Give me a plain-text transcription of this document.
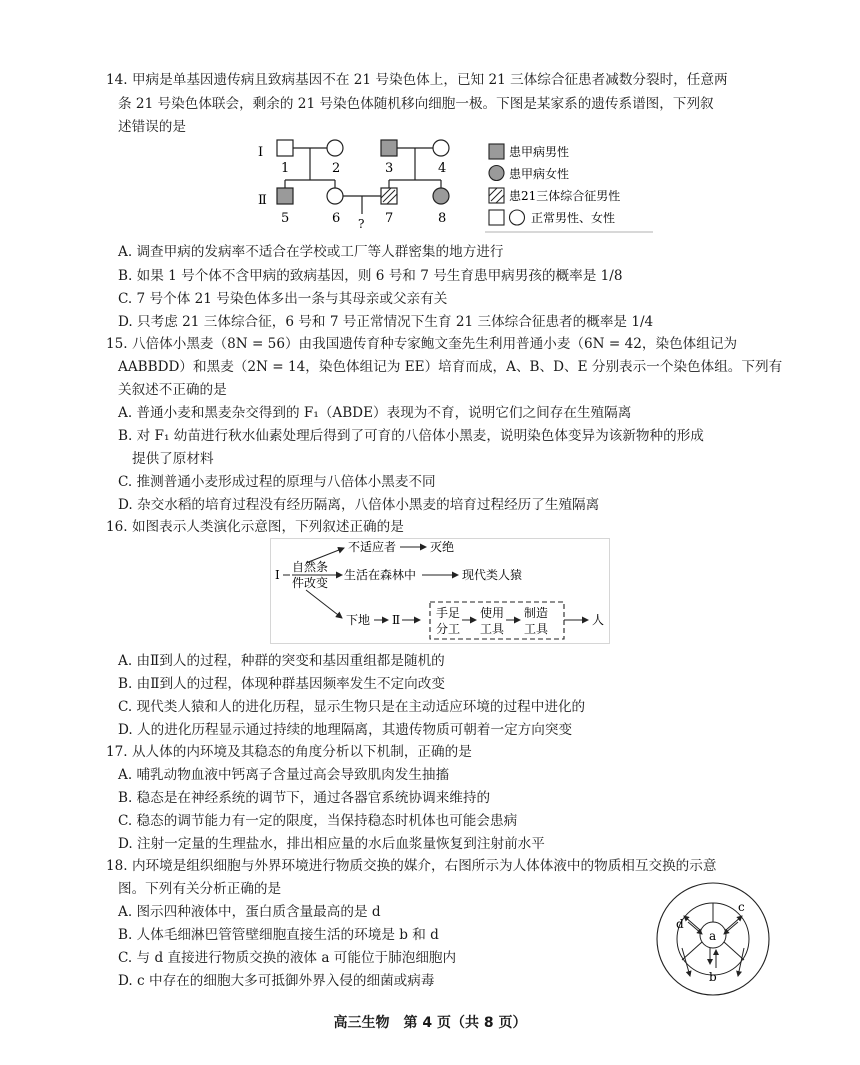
14. 甲病是单基因遗传病且致病基因不在 21 号染色体上，已知 21 三体综合征患者减数分裂时，任意两
条 21 号染色体联会，剩余的 21 号染色体随机移向细胞一极。下图是某家系的遗传系谱图，下列叙
述错误的是
Ⅰ
Ⅱ
1	2	3	4
?
5	6	7	8
患甲病男性
患甲病女性
患21三体综合征男性
正常男性、女性
A. 调查甲病的发病率不适合在学校或工厂等人群密集的地方进行
B. 如果 1 号个体不含甲病的致病基因，则 6 号和 7 号生育患甲病男孩的概率是 1/8
C. 7 号个体 21 号染色体多出一条与其母亲或父亲有关
D. 只考虑 21 三体综合征，6 号和 7 号正常情况下生育 21 三体综合征患者的概率是 1/4
15. 八倍体小黑麦（8N = 56）由我国遗传育种专家鲍文奎先生利用普通小麦（6N = 42，染色体组记为
AABBDD）和黑麦（2N = 14，染色体组记为 EE）培育而成，A、B、D、E 分别表示一个染色体组。下列有
关叙述不正确的是
A. 普通小麦和黑麦杂交得到的 F₁（ABDE）表现为不育，说明它们之间存在生殖隔离
B. 对 F₁ 幼苗进行秋水仙素处理后得到了可育的八倍体小黑麦，说明染色体变异为该新物种的形成
提供了原材料
C. 推测普通小麦形成过程的原理与八倍体小黑麦不同
D. 杂交水稻的培育过程没有经历隔离，八倍体小黑麦的培育过程经历了生殖隔离
16. 如图表示人类演化示意图，下列叙述正确的是
Ⅰ
自然条
件改变
不适应者	灭绝
生活在森林中	现代类人猿
下地 Ⅱ	手足
分工
使用
工具
制造
工具
人
A. 由Ⅱ到人的过程，种群的突变和基因重组都是随机的
B. 由Ⅱ到人的过程，体现种群基因频率发生不定向改变
C. 现代类人猿和人的进化历程，显示生物只是在主动适应环境的过程中进化的
D. 人的进化历程显示通过持续的地理隔离，其遗传物质可朝着一定方向突变
17. 从人体的内环境及其稳态的角度分析以下机制，正确的是
A. 哺乳动物血液中钙离子含量过高会导致肌肉发生抽搐
B. 稳态是在神经系统的调节下，通过各器官系统协调来维持的
C. 稳态的调节能力有一定的限度，当保持稳态时机体也可能会患病
D. 注射一定量的生理盐水，排出相应量的水后血浆量恢复到注射前水平
18. 内环境是组织细胞与外界环境进行物质交换的媒介，右图所示为人体体液中的物质相互交换的示意
图。下列有关分析正确的是
A. 图示四种液体中，蛋白质含量最高的是 d
B. 人体毛细淋巴管管壁细胞直接生活的环境是 b 和 d
C. 与 d 直接进行物质交换的液体 a 可能位于肺泡细胞内
D. c 中存在的细胞大多可抵御外界入侵的细菌或病毒
a
b
c
d
高三生物　第 4 页（共 8 页）
